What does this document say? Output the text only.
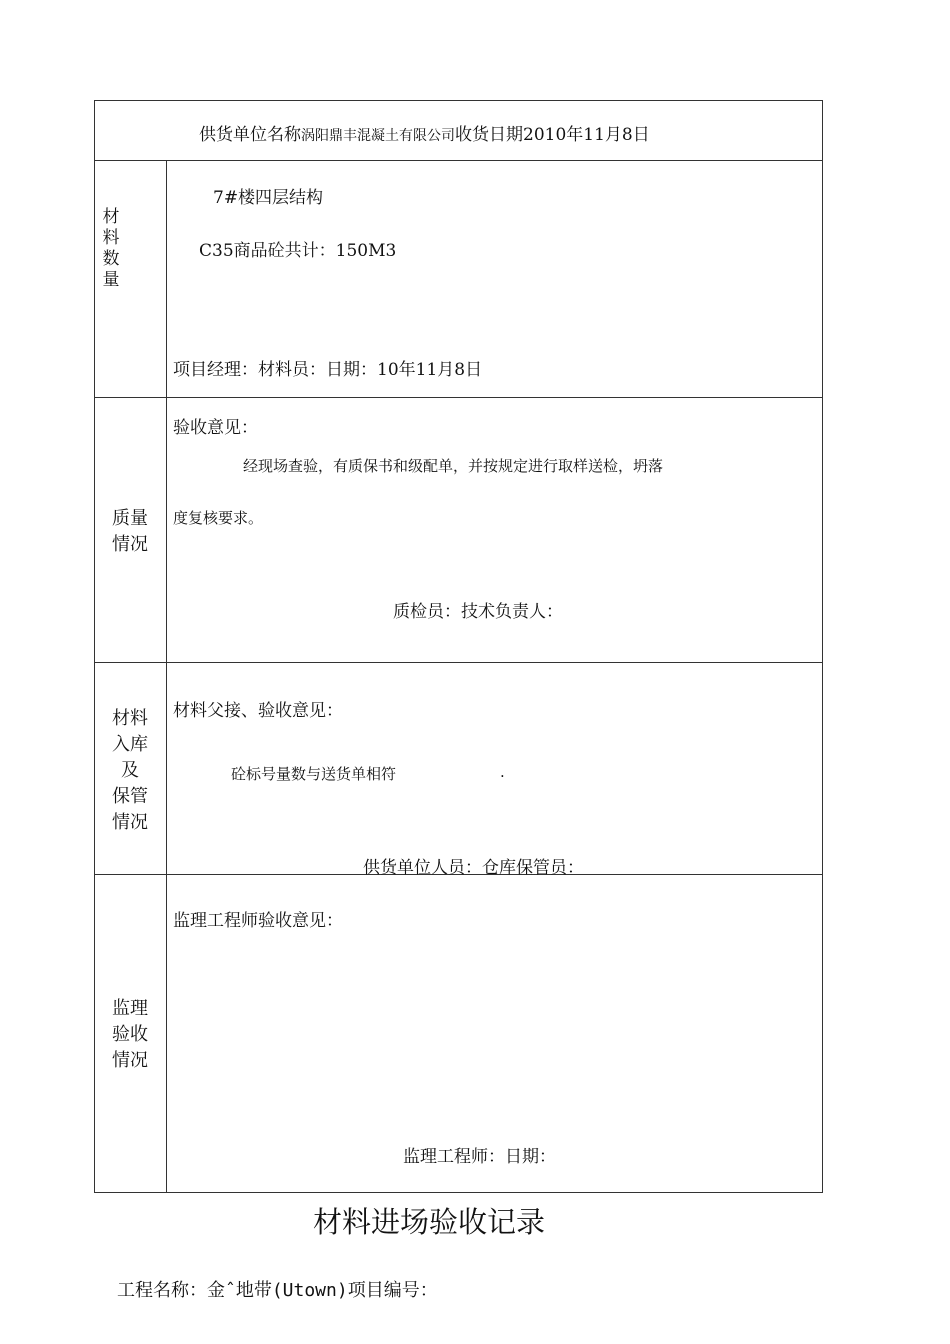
供货单位名称涡阳鼎丰混凝土有限公司收货日期2010年11月8日
材
料
数
量
7#楼四层结构
C35商品砼共计：150M3
项目经理：材料员：日期：10年11月8日
质量
情况
验收意见：
经现场查验，有质保书和级配单，并按规定进行取样送检，坍落
度复核要求。
质检员：技术负责人：
材料
入库
及
保管
情况
材料父接、验收意见：
砼标号量数与送货单相符	.
供货单位人员：仓库保管员：
监理
验收
情况
监理工程师验收意见：
监理工程师：日期：
材料进场验收记录
工程名称：金ˆ地带(Utown)项目编号：
